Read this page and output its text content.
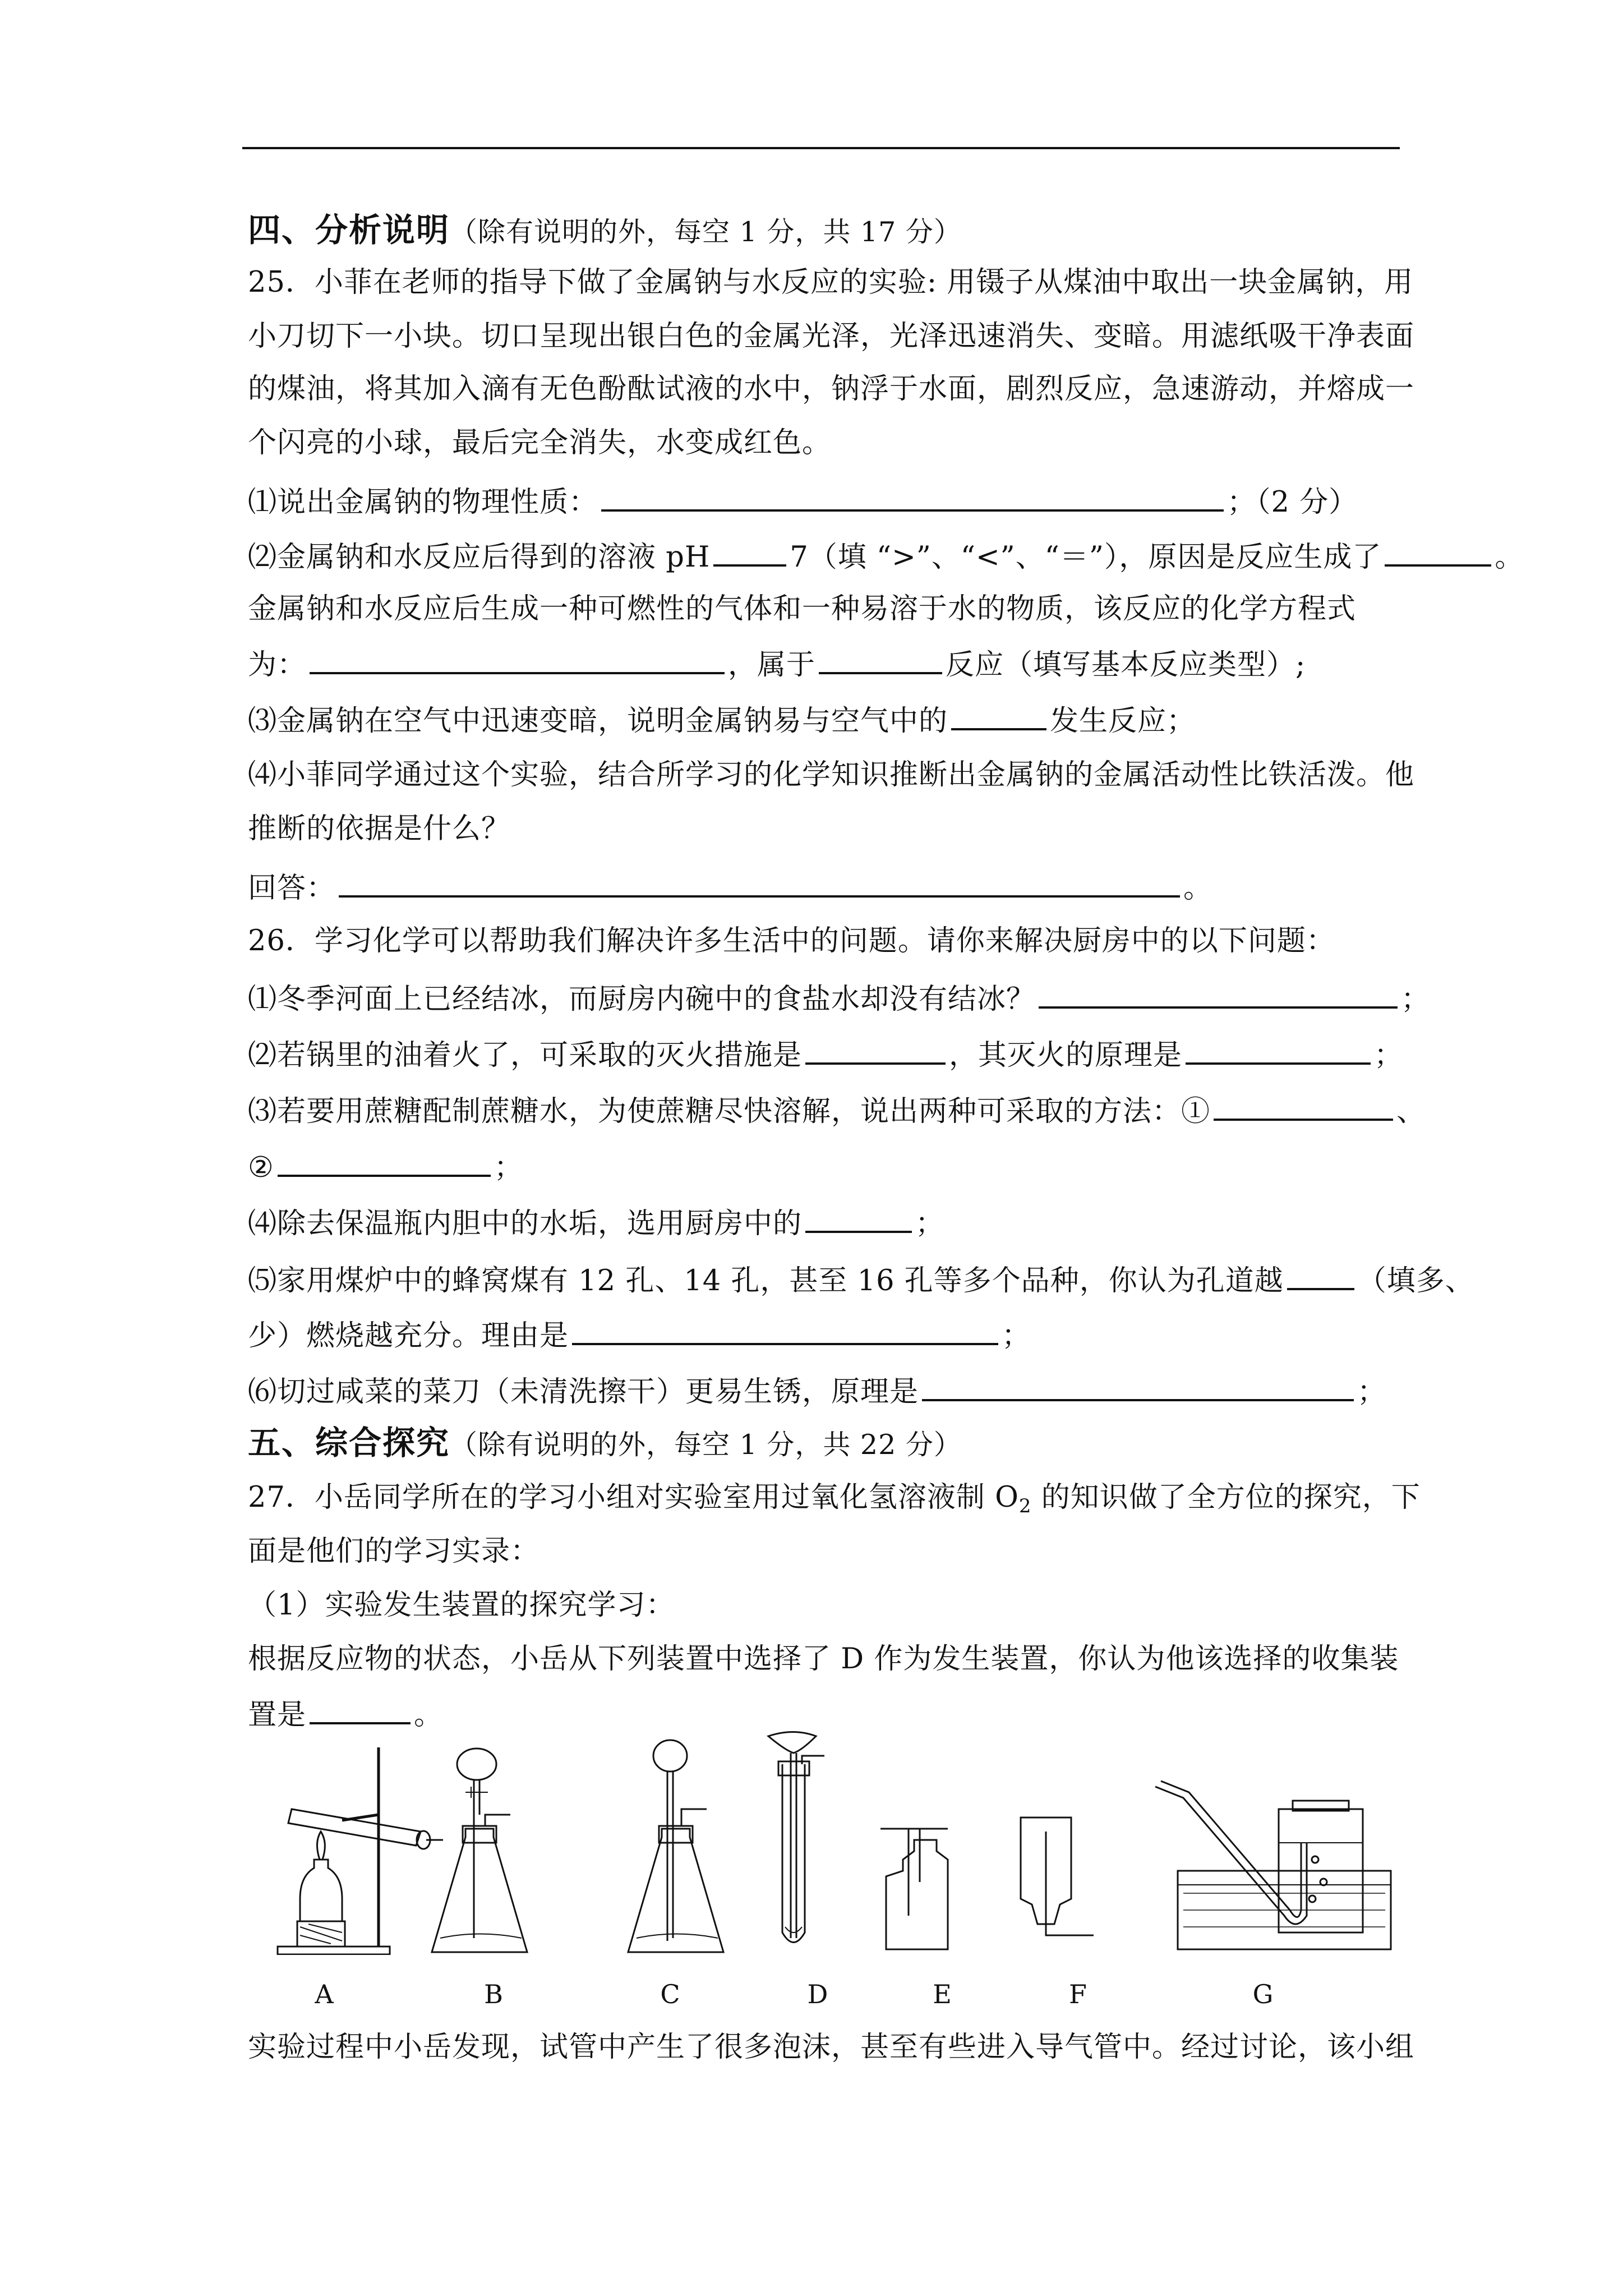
四、分析说明（除有说明的外，每空 1 分，共 17 分）
25．小菲在老师的指导下做了金属钠与水反应的实验: 用镊子从煤油中取出一块金属钠，用
小刀切下一小块。切口呈现出银白色的金属光泽，光泽迅速消失、变暗。用滤纸吸干净表面
的煤油，将其加入滴有无色酚酞试液的水中，钠浮于水面，剧烈反应，急速游动，并熔成一
个闪亮的小球，最后完全消失，水变成红色。
⑴说出金属钠的物理性质：	；（2 分）
⑵金属钠和水反应后得到的溶液 pH	7（填 “>”、“<”、“＝”），原因是反应生成了	。
金属钠和水反应后生成一种可燃性的气体和一种易溶于水的物质，该反应的化学方程式
为：	，属于	反应（填写基本反应类型）;
⑶金属钠在空气中迅速变暗，说明金属钠易与空气中的	发生反应；
⑷小菲同学通过这个实验，结合所学习的化学知识推断出金属钠的金属活动性比铁活泼。他
推断的依据是什么？
回答：	。
26．学习化学可以帮助我们解决许多生活中的问题。请你来解决厨房中的以下问题：
⑴冬季河面上已经结冰，而厨房内碗中的食盐水却没有结冰？	；
⑵若锅里的油着火了，可采取的灭火措施是	，其灭火的原理是	；
⑶若要用蔗糖配制蔗糖水，为使蔗糖尽快溶解，说出两种可采取的方法：①	、
②	；
⑷除去保温瓶内胆中的水垢，选用厨房中的	；
⑸家用煤炉中的蜂窝煤有 12 孔、14 孔，甚至 16 孔等多个品种，你认为孔道越	（填多、
少）燃烧越充分。理由是	；
⑹切过咸菜的菜刀（未清洗擦干）更易生锈，原理是	；
五、综合探究（除有说明的外，每空 1 分，共 22 分）
27．小岳同学所在的学习小组对实验室用过氧化氢溶液制 $O_2$ 的知识做了全方位的探究，下
面是他们的学习实录：
（1）实验发生装置的探究学习：
根据反应物的状态，小岳从下列装置中选择了 D 作为发生装置，你认为他该选择的收集装
置是	。
A	B	C	D	E	F	G
实验过程中小岳发现，试管中产生了很多泡沫，甚至有些进入导气管中。经过讨论，该小组
